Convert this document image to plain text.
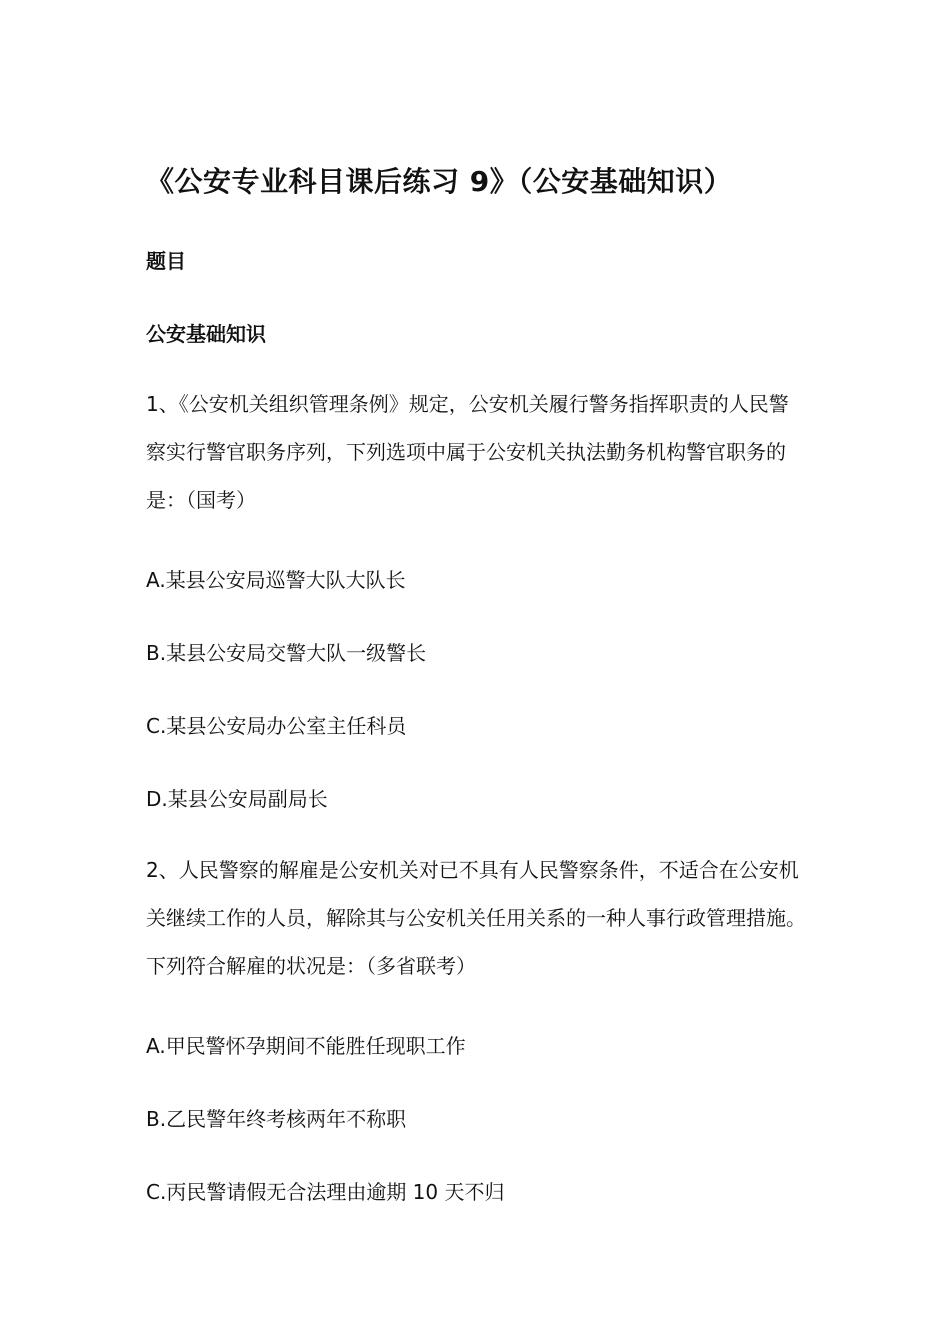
《公安专业科目课后练习 9》（公安基础知识）
题目
公安基础知识
1、《公安机关组织管理条例》规定，公安机关履行警务指挥职责的人民警察实行警官职务序列，下列选项中属于公安机关执法勤务机构警官职务的是：（国考）
A.某县公安局巡警大队大队长
B.某县公安局交警大队一级警长
C.某县公安局办公室主任科员
D.某县公安局副局长
2、人民警察的解雇是公安机关对已不具有人民警察条件，不适合在公安机关继续工作的人员，解除其与公安机关任用关系的一种人事行政管理措施。下列符合解雇的状况是：（多省联考）
A.甲民警怀孕期间不能胜任现职工作
B.乙民警年终考核两年不称职
C.丙民警请假无合法理由逾期 10 天不归
